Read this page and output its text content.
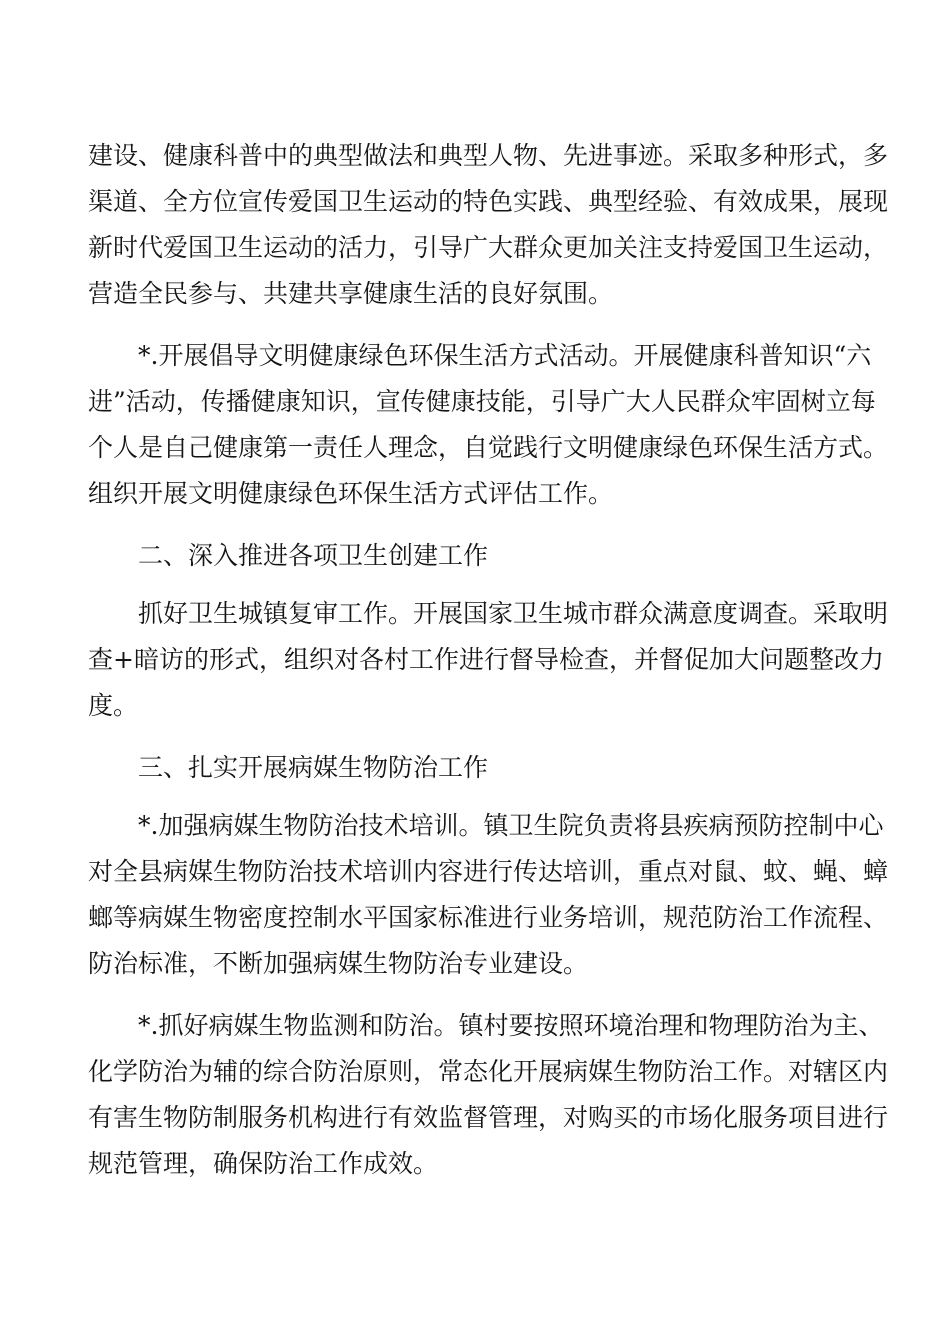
建设、健康科普中的典型做法和典型人物、先进事迹。采取多种形式，多
渠道、全方位宣传爱国卫生运动的特色实践、典型经验、有效成果，展现
新时代爱国卫生运动的活力，引导广大群众更加关注支持爱国卫生运动，
营造全民参与、共建共享健康生活的良好氛围。
*.开展倡导文明健康绿色环保生活方式活动。开展健康科普知识“六
进”活动，传播健康知识，宣传健康技能，引导广大人民群众牢固树立每
个人是自己健康第一责任人理念，自觉践行文明健康绿色环保生活方式。
组织开展文明健康绿色环保生活方式评估工作。
二、深入推进各项卫生创建工作
抓好卫生城镇复审工作。开展国家卫生城市群众满意度调查。采取明
查+暗访的形式，组织对各村工作进行督导检查，并督促加大问题整改力
度。
三、扎实开展病媒生物防治工作
*.加强病媒生物防治技术培训。镇卫生院负责将县疾病预防控制中心
对全县病媒生物防治技术培训内容进行传达培训，重点对鼠、蚊、蝇、蟑
螂等病媒生物密度控制水平国家标准进行业务培训，规范防治工作流程、
防治标准，不断加强病媒生物防治专业建设。
*.抓好病媒生物监测和防治。镇村要按照环境治理和物理防治为主、
化学防治为辅的综合防治原则，常态化开展病媒生物防治工作。对辖区内
有害生物防制服务机构进行有效监督管理，对购买的市场化服务项目进行
规范管理，确保防治工作成效。
